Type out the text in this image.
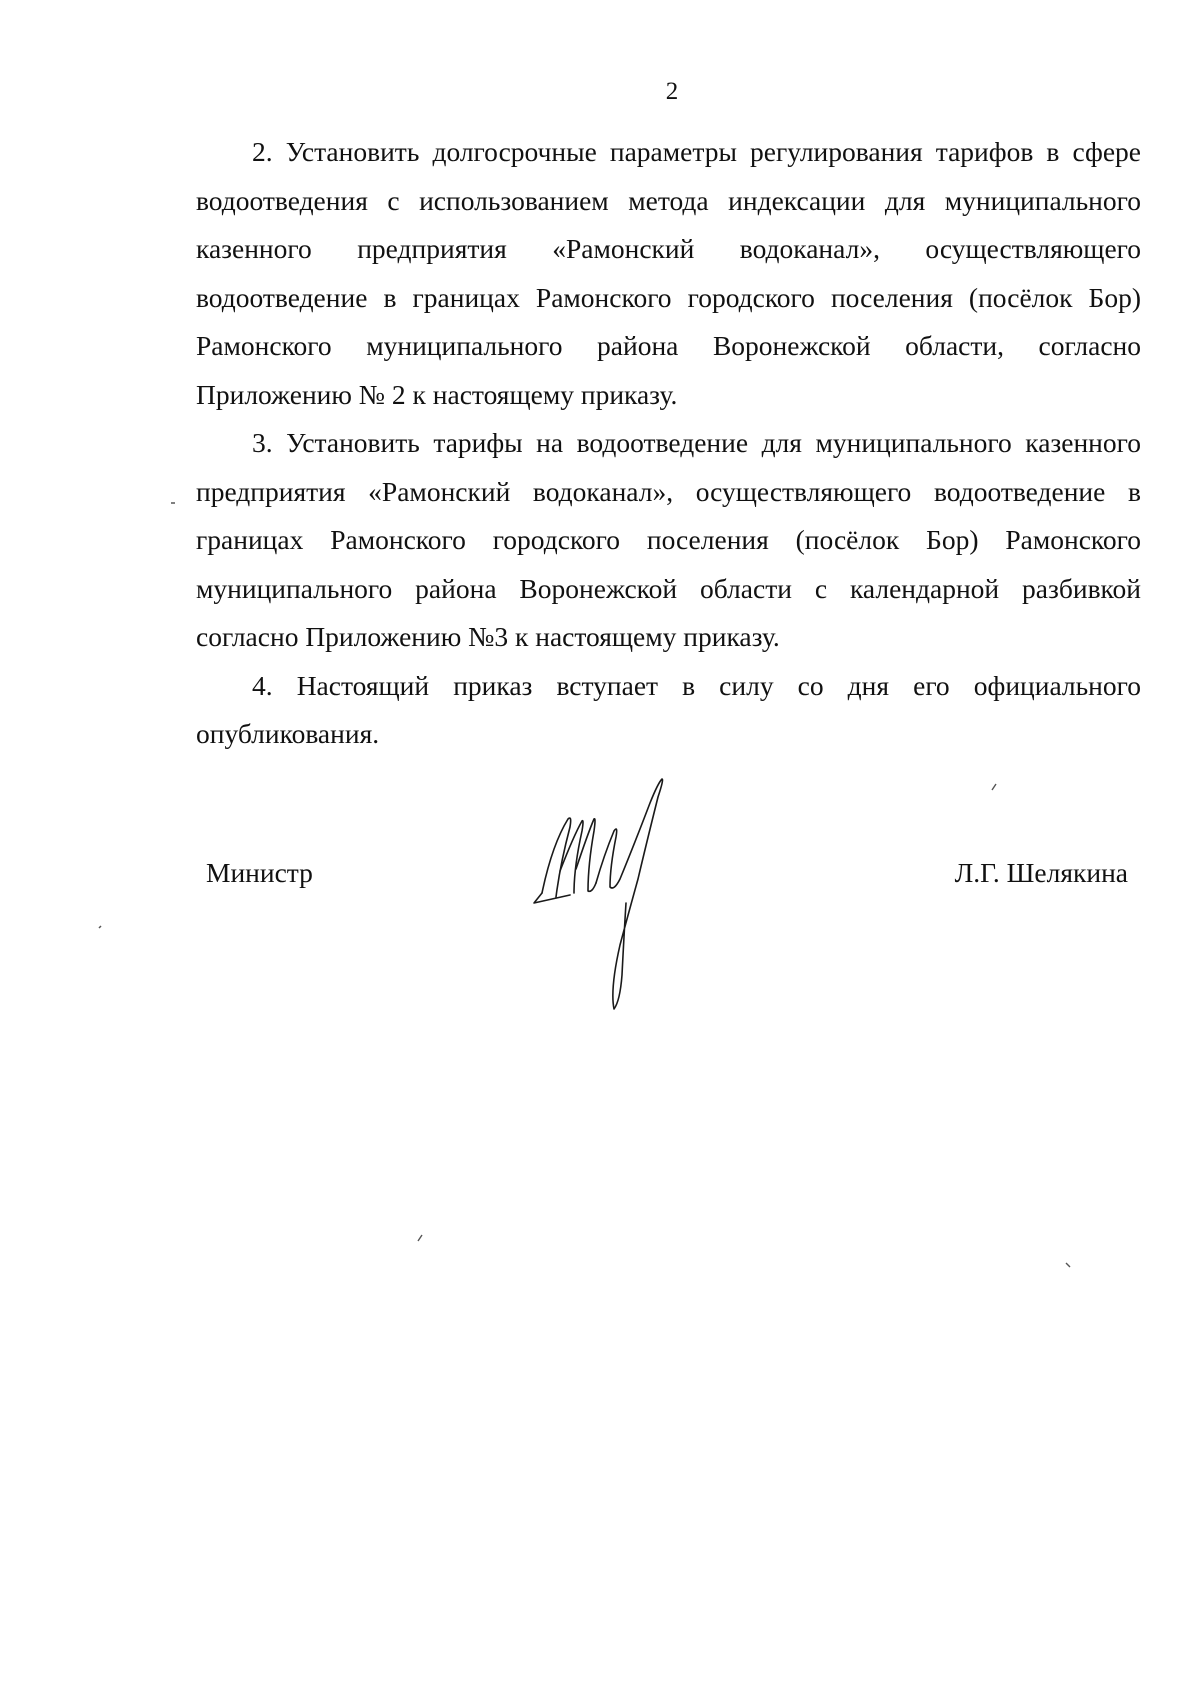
2

2. Установить долгосрочные параметры регулирования тарифов в сфере водоотведения с использованием метода индексации для муниципального казенного предприятия «Рамонский водоканал», осуществляющего водоотведение в границах Рамонского городского поселения (посёлок Бор) Рамонского муниципального района Воронежской области, согласно Приложению № 2 к настоящему приказу.

3. Установить тарифы на водоотведение для муниципального казенного предприятия «Рамонский водоканал», осуществляющего водоотведение в границах Рамонского городского поселения (посёлок Бор) Рамонского муниципального района Воронежской области с календарной разбивкой согласно Приложению №3 к настоящему приказу.

4. Настоящий приказ вступает в силу со дня его официального опубликования.

Министр	Л.Г. Шелякина
